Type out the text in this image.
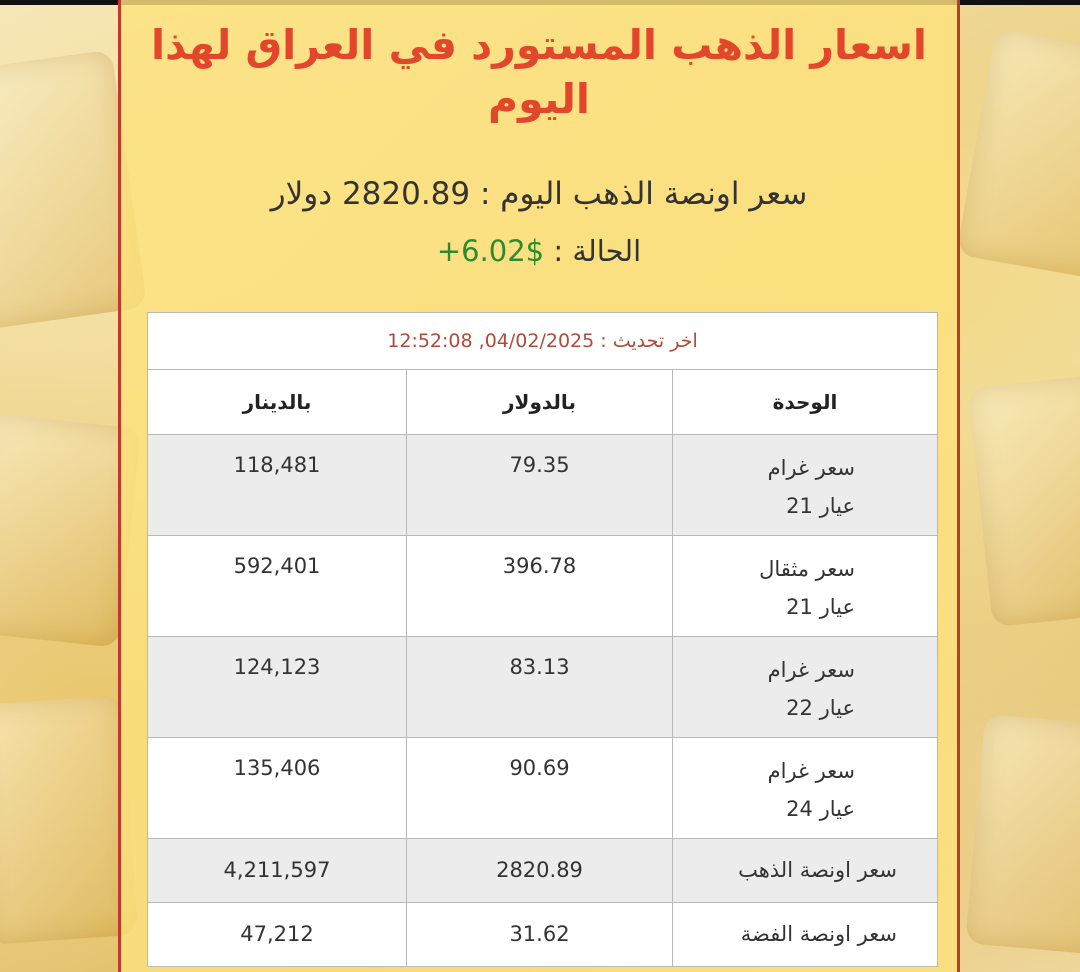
اسعار الذهب المستورد في العراق لهذا اليوم
سعر اونصة الذهب اليوم : 2820.89 دولار
الحالة : +6.02$
اخر تحديث : 04/02/2025, 12:52:08		
الوحدة	بالدولار	بالدينار

سعر غرام
عيار 21	79.35	118,481

سعر مثقال
عيار 21	396.78	592,401

سعر غرام
عيار 22	83.13	124,123

سعر غرام
عيار 24	90.69	135,406
سعر اونصة الذهب	2820.89	4,211,597
سعر اونصة الفضة	31.62	47,212
